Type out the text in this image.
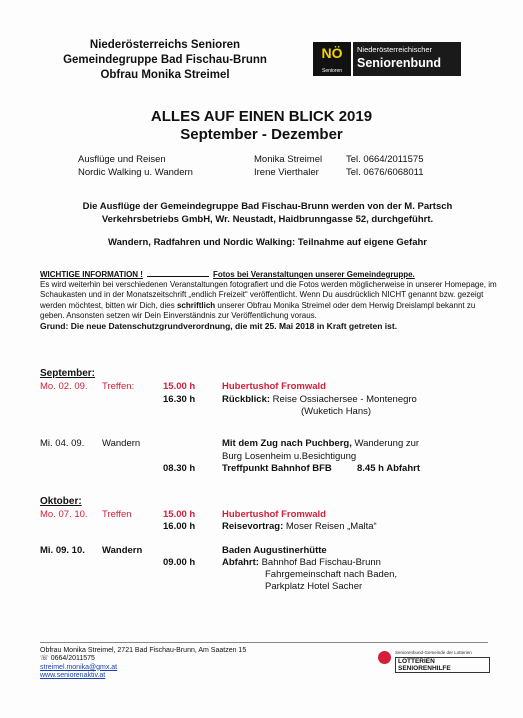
Niederösterreichs Senioren
Gemeindegruppe Bad Fischau-Brunn
Obfrau Monika Streimel
NÖ
Senioren
Niederösterreichischer
Seniorenbund
ALLES AUF EINEN BLICK 2019
September - Dezember
Ausflüge und Reisen	Monika Streimel	Tel. 0664/2011575
Nordic Walking u. Wandern	Irene Vierthaler	Tel. 0676/6068011
Die Ausflüge der Gemeindegruppe Bad Fischau-Brunn werden von der M. Partsch
Verkehrsbetriebs GmbH, Wr. Neustadt, Haidbrunngasse 52, durchgeführt.
Wandern, Radfahren und Nordic Walking: Teilnahme auf eigene Gefahr
WICHTIGE INFORMATION !	Fotos bei Veranstaltungen unserer Gemeindegruppe.
Es wird weiterhin bei verschiedenen Veranstaltungen fotografiert und die Fotos werden möglicherweise in unserer Homepage, im Schaukasten und in der Monatszeitschrift „endlich Freizeit“ veröffentlicht. Wenn Du ausdrücklich NICHT genannt bzw. gezeigt werden möchtest, bitten wir Dich, dies schriftlich unserer Obfrau Monika Streimel oder dem Herwig Dreislampl bekannt zu geben. Ansonsten setzen wir Dein Einverständnis zur Veröffentlichung voraus.
Grund: Die neue Datenschutzgrundverordnung, die mit 25. Mai 2018 in Kraft getreten ist.
September:
Mo. 02. 09. Treffen:	15.00 h	Hubertushof Fromwald
16.30 h	Rückblick: Reise Ossiachersee - Montenegro
(Wuketich Hans)
Mi. 04. 09. Wandern	Mit dem Zug nach Puchberg, Wanderung zur
Burg Losenheim u.Besichtigung
08.30 h	Treffpunkt Bahnhof BFB	8.45 h Abfahrt
Oktober:
Mo. 07. 10. Treffen	15.00 h	Hubertushof Fromwald
16.00 h	Reisevortrag: Moser Reisen „Malta“
Mi. 09. 10. Wandern	Baden Augustinerhütte
09.00 h	Abfahrt: Bahnhof Bad Fischau-Brunn
Fahrgemeinschaft nach Baden,
Parkplatz Hotel Sacher
Obfrau Monika Streimel, 2721 Bad Fischau-Brunn, Am Saatzen 15
☏ 0664/2011575
streimel.monika@gmx.at
www.seniorenaktiv.at
Seniorenbund-Gemeinde der Lotterien
LOTTERIEN SENIORENHILFE
